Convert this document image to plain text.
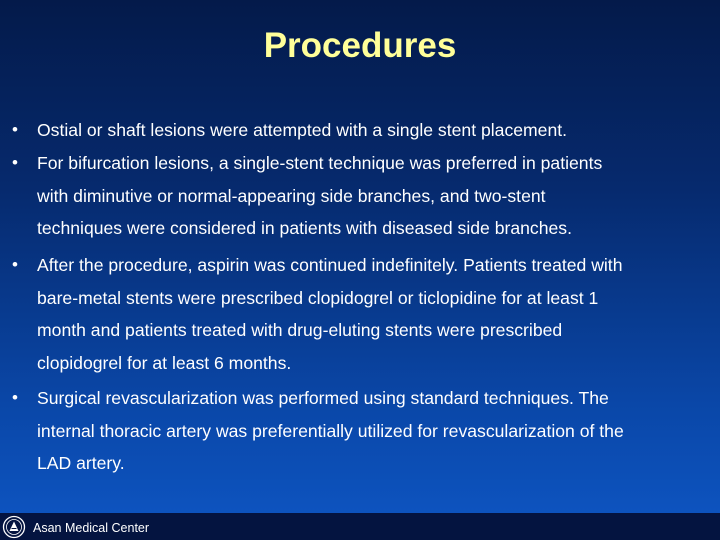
Procedures
• Ostial or shaft lesions were attempted with a single stent placement.
• For bifurcation lesions, a single-stent technique was preferred in patients
with diminutive or normal-appearing side branches, and two-stent
techniques were considered in patients with diseased side branches.
• After the procedure, aspirin was continued indefinitely. Patients treated with
bare-metal stents were prescribed clopidogrel or ticlopidine for at least 1
month and patients treated with drug-eluting stents were prescribed
clopidogrel for at least 6 months.
• Surgical revascularization was performed using standard techniques. The
internal thoracic artery was preferentially utilized for revascularization of the
LAD artery.
Asan Medical Center
